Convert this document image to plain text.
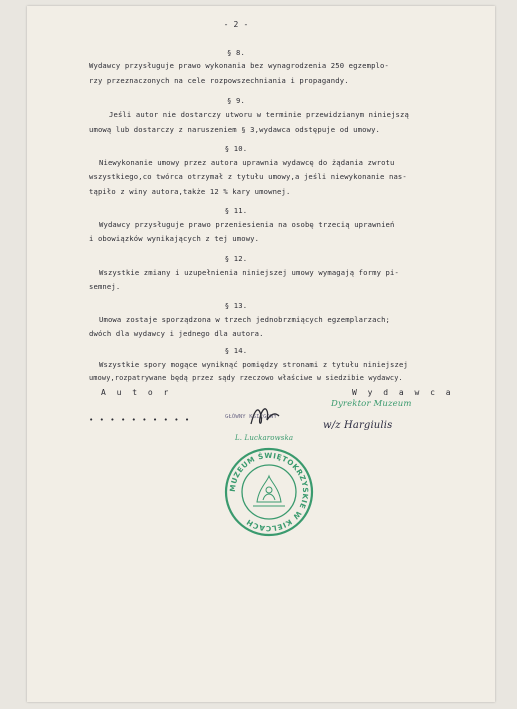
- 2 -
§ 8.
Wydawcy przysługuje prawo wykonania bez wynagrodzenia 250 egzemplo-
rzy przeznaczonych na cele rozpowszechniania i propagandy.
§ 9.
Jeśli autor nie dostarczy utworu w terminie przewidzianym niniejszą
umową lub dostarczy z naruszeniem § 3,wydawca odstępuje od umowy.
§ 10.
Niewykonanie umowy przez autora uprawnia wydawcę do żądania zwrotu
wszystkiego,co twórca otrzymał z tytułu umowy,a jeśli niewykonanie nas-
tąpiło z winy autora,także 12 % kary umownej.
§ 11.
Wydawcy przysługuje prawo przeniesienia na osobę trzecią uprawnień
i obowiązków wynikających z tej umowy.
§ 12.
Wszystkie zmiany i uzupełnienia niniejszej umowy wymagają formy pi-
semnej.
§ 13.
Umowa zostaje sporządzona w trzech jednobrzmiących egzemplarzach;
dwóch dla wydawcy i jednego dla autora.
§ 14.
Wszystkie spory mogące wyniknąć pomiędzy stronami z tytułu niniejszej
umowy,rozpatrywane będą przez sądy rzeczowo właściwe w siedzibie wydawcy.
A u t o r	W y d a w c a
• • • • • • • • • •	GŁÓWNY KSIĘGOWY
L. Luckarowska
Dyrektor Muzeum
w/z Hargiulis
MUZEUM ŚWIĘTOKRZYSKIE W KIELCACH
